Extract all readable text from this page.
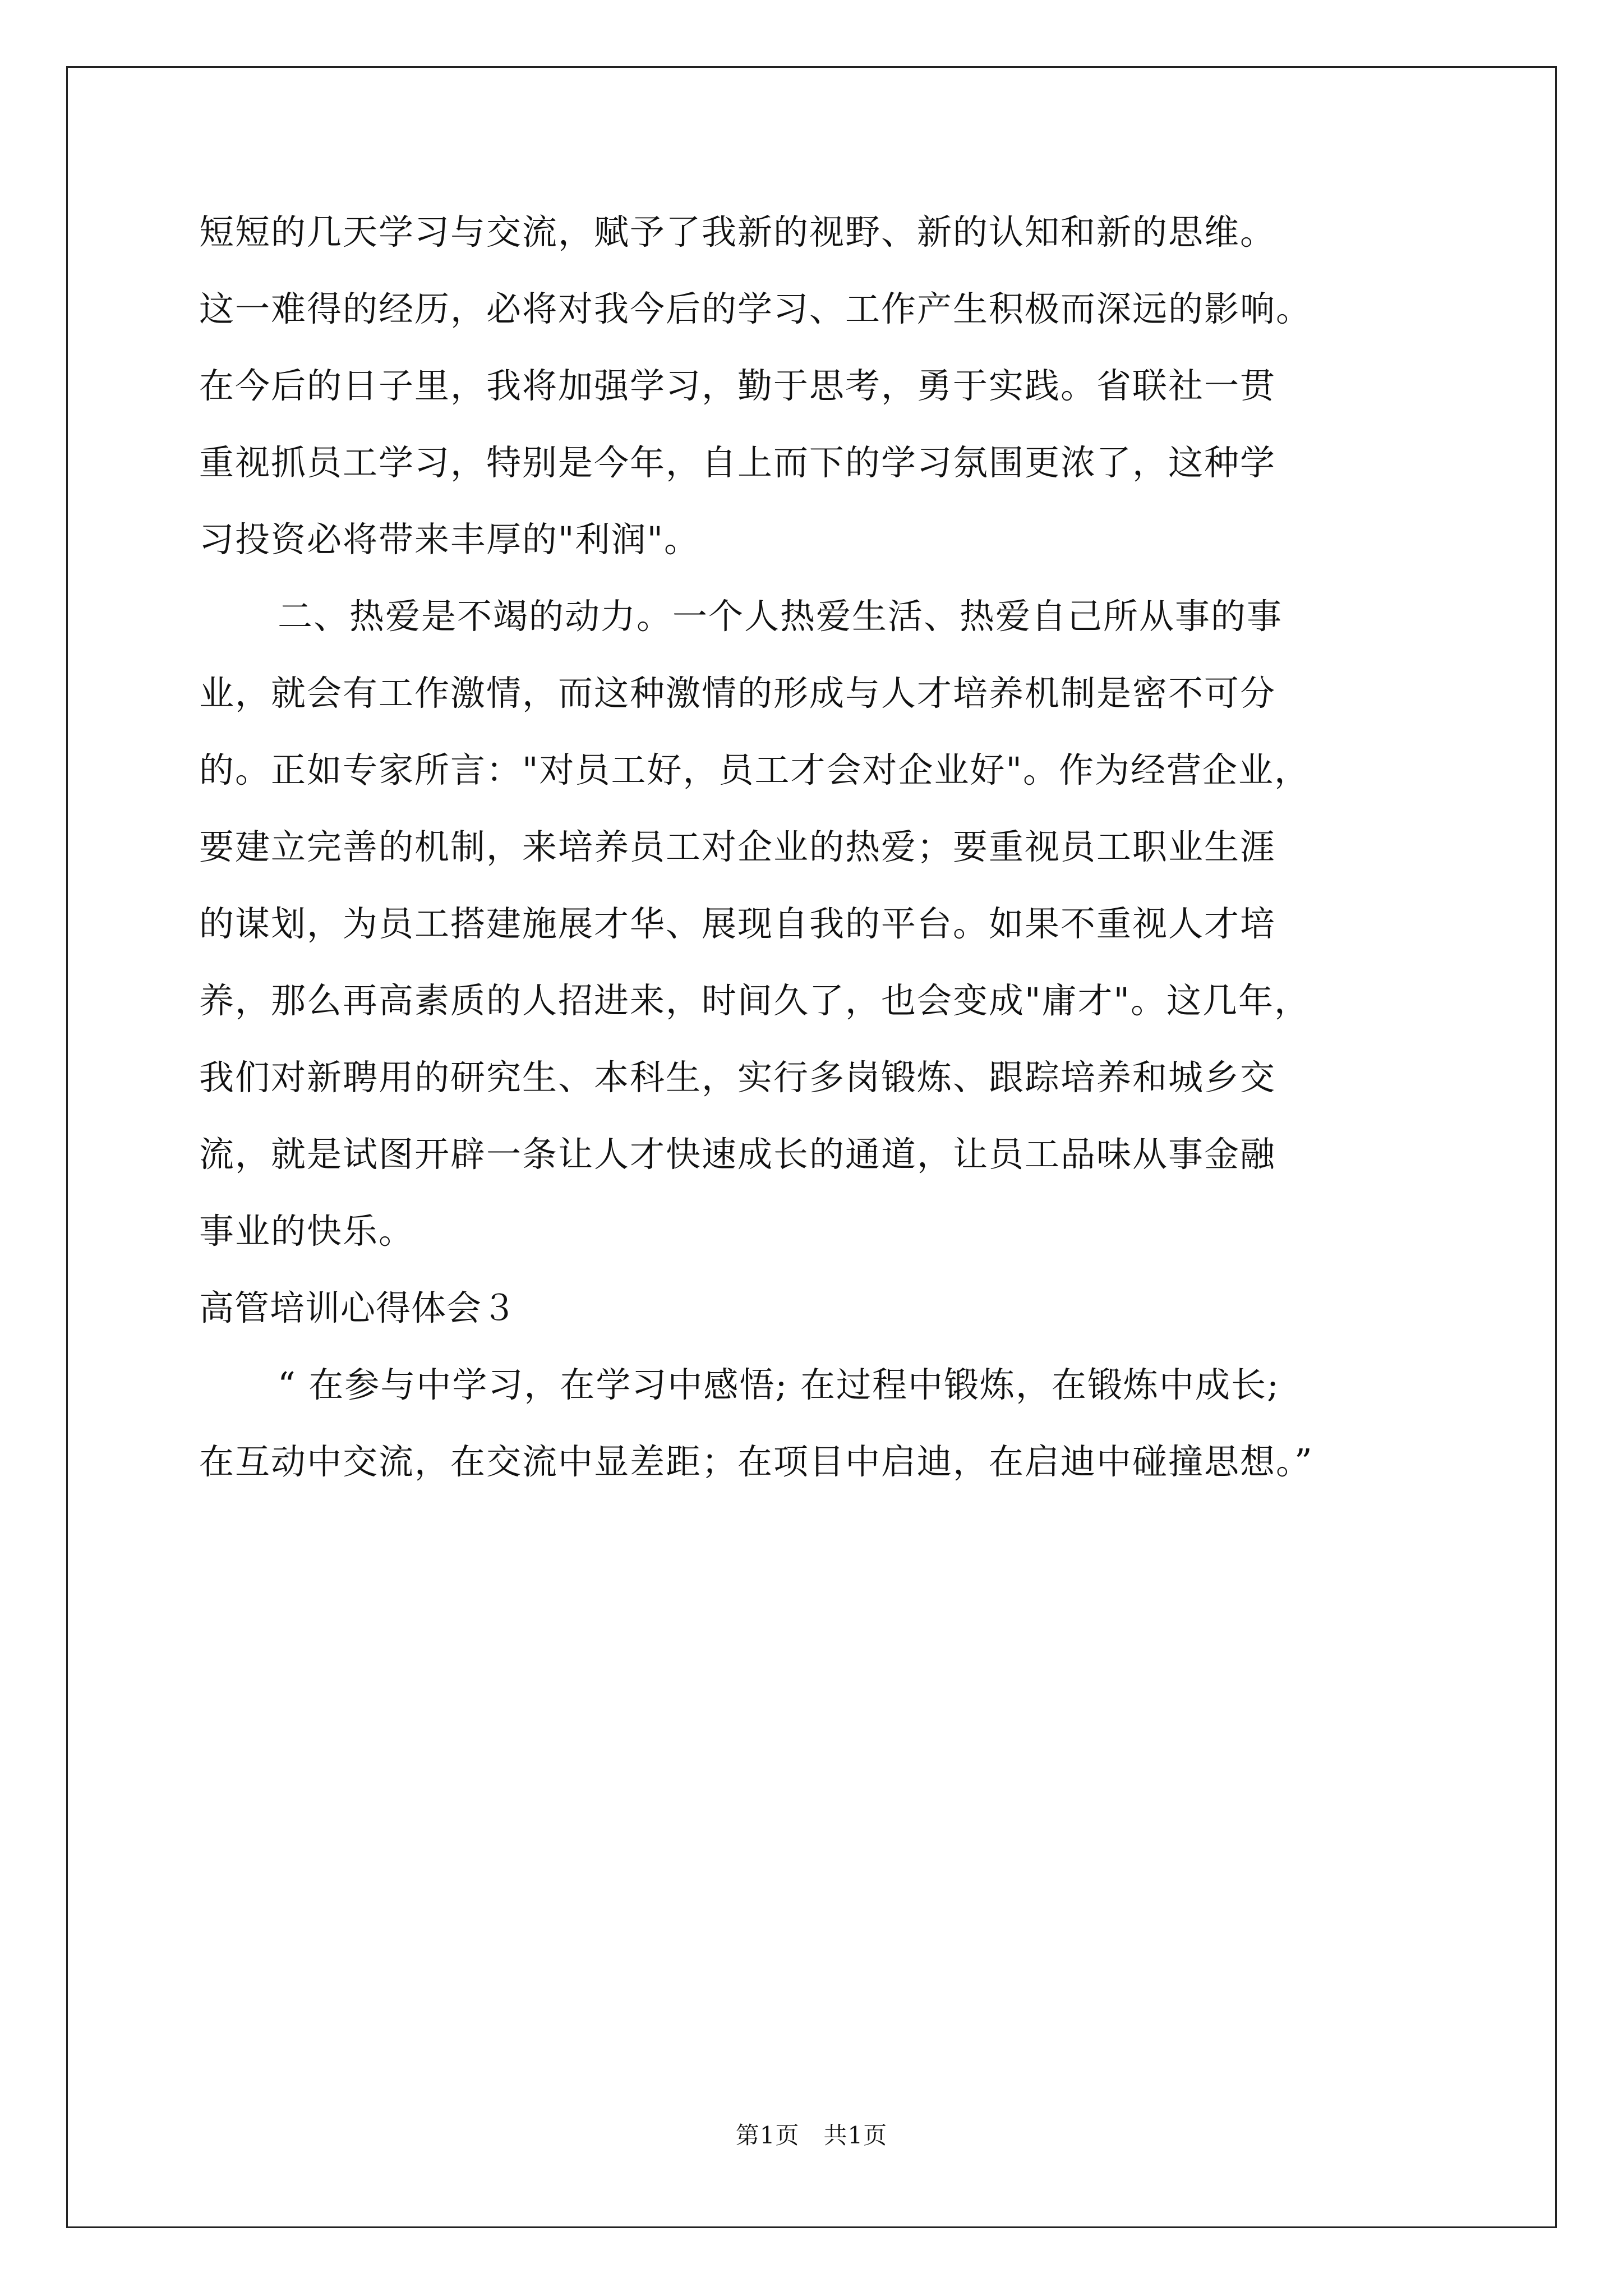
短短的几天学习与交流，赋予了我新的视野、新的认知和新的思维。
这一难得的经历，必将对我今后的学习、工作产生积极而深远的影响。
在今后的日子里，我将加强学习，勤于思考，勇于实践。省联社一贯
重视抓员工学习，特别是今年，自上而下的学习氛围更浓了，这种学
习投资必将带来丰厚的"利润"。
二、热爱是不竭的动力。一个人热爱生活、热爱自己所从事的事
业，就会有工作激情，而这种激情的形成与人才培养机制是密不可分
的。正如专家所言："对员工好，员工才会对企业好"。作为经营企业，
要建立完善的机制，来培养员工对企业的热爱；要重视员工职业生涯
的谋划，为员工搭建施展才华、展现自我的平台。如果不重视人才培
养，那么再高素质的人招进来，时间久了，也会变成"庸才"。这几年，
我们对新聘用的研究生、本科生，实行多岗锻炼、跟踪培养和城乡交
流，就是试图开辟一条让人才快速成长的通道，让员工品味从事金融
事业的快乐。
高管培训心得体会３
“ 在参与中学习，在学习中感悟; 在过程中锻炼，在锻炼中成长;
在互动中交流，在交流中显差距；在项目中启迪，在启迪中碰撞思想。”
第1页　共1页
